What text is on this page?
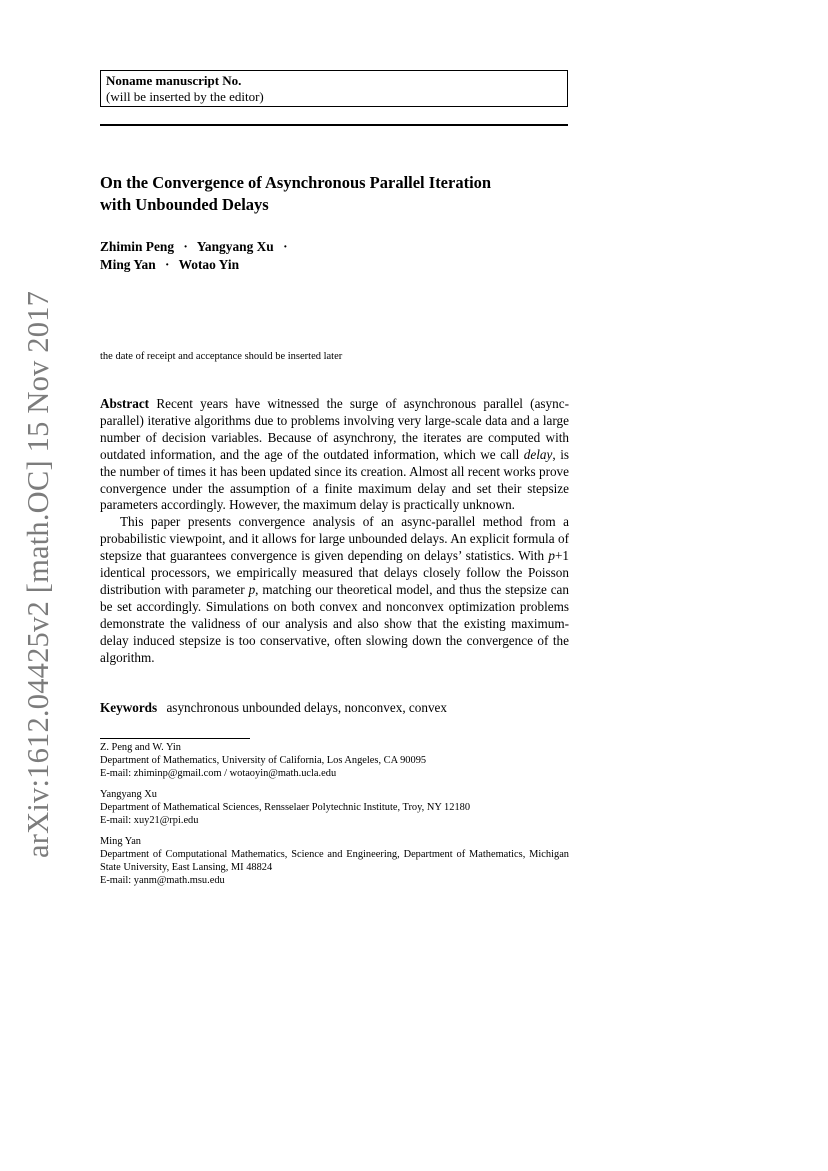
arXiv:1612.04425v2 [math.OC] 15 Nov 2017
Noname manuscript No.
(will be inserted by the editor)
On the Convergence of Asynchronous Parallel Iteration
with Unbounded Delays
Zhimin Peng · Yangyang Xu ·
Ming Yan · Wotao Yin
the date of receipt and acceptance should be inserted later

Abstract Recent years have witnessed the surge of asynchronous parallel (async-parallel) iterative algorithms due to problems involving very large-scale data and a large number of decision variables. Because of asynchrony, the iterates are computed with outdated information, and the age of the outdated information, which we call delay, is the number of times it has been updated since its creation. Almost all recent works prove convergence under the assumption of a finite maximum delay and set their stepsize parameters accordingly. However, the maximum delay is practically unknown.

This paper presents convergence analysis of an async-parallel method from a probabilistic viewpoint, and it allows for large unbounded delays. An explicit formula of stepsize that guarantees convergence is given depending on delays’ statistics. With p+1 identical processors, we empirically measured that delays closely follow the Poisson distribution with parameter p, matching our theoretical model, and thus the stepsize can be set accordingly. Simulations on both convex and nonconvex optimization problems demonstrate the validness of our analysis and also show that the existing maximum-delay induced stepsize is too conservative, often slowing down the convergence of the algorithm.

Keywords asynchronous unbounded delays, nonconvex, convex
Z. Peng and W. Yin
Department of Mathematics, University of California, Los Angeles, CA 90095
E-mail: zhiminp@gmail.com / wotaoyin@math.ucla.edu
Yangyang Xu
Department of Mathematical Sciences, Rensselaer Polytechnic Institute, Troy, NY 12180
E-mail: xuy21@rpi.edu
Ming Yan
Department of Computational Mathematics, Science and Engineering, Department of Mathematics, Michigan State University, East Lansing, MI 48824
E-mail: yanm@math.msu.edu
